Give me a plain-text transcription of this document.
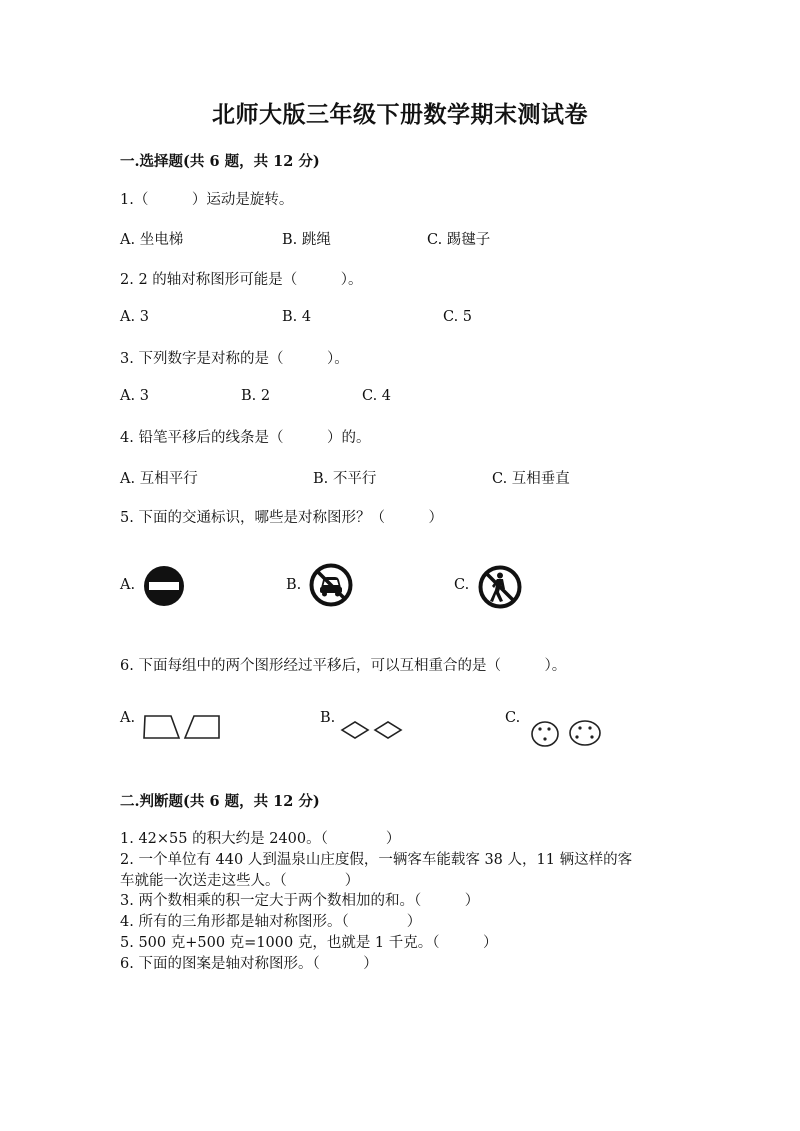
北师大版三年级下册数学期末测试卷
一.选择题(共 6 题，共 12 分)
1.（　　　）运动是旋转。
A. 坐电梯	B. 跳绳	C. 踢毽子
2. 2 的轴对称图形可能是（　　　）。
A. 3	B. 4	C. 5
3. 下列数字是对称的是（　　　）。
A. 3	B. 2	C. 4
4. 铅笔平移后的线条是（　　　）的。
A. 互相平行	B. 不平行	C. 互相垂直
5. 下面的交通标识，哪些是对称图形？（　　　）
A.	B.	C.
6. 下面每组中的两个图形经过平移后，可以互相重合的是（　　　）。
A.	B.	C.
二.判断题(共 6 题，共 12 分)
1. 42×55 的积大约是 2400。（　　　　）
2. 一个单位有 440 人到温泉山庄度假，一辆客车能载客 38 人，11 辆这样的客
车就能一次送走这些人。（　　　　）
3. 两个数相乘的积一定大于两个数相加的和。（　　　）
4. 所有的三角形都是轴对称图形。（　　　　）
5. 500 克+500 克=1000 克，也就是 1 千克。（　　　）
6. 下面的图案是轴对称图形。（　　　）
